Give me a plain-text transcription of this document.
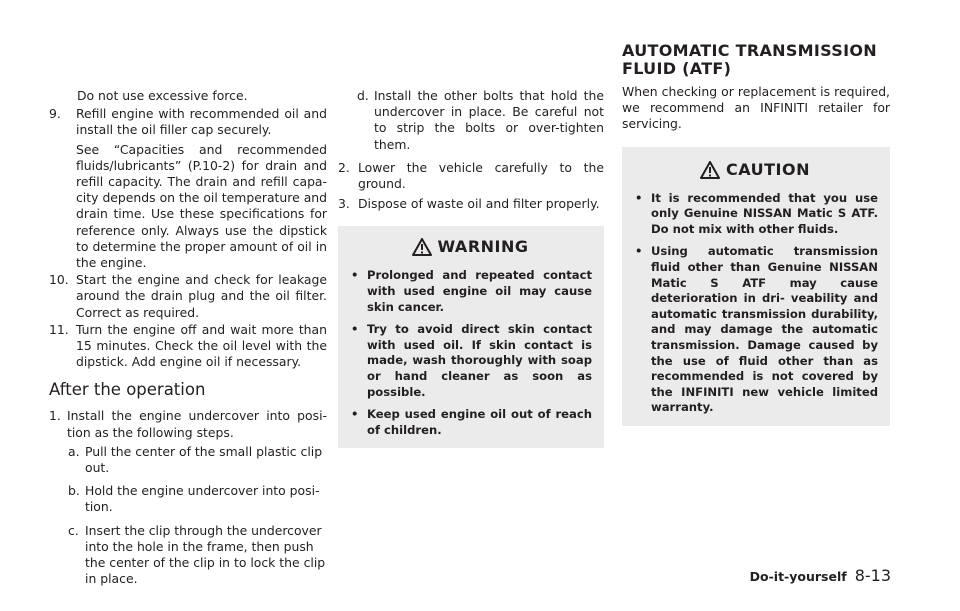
Do not use excessive force.

9. Refill engine with recommended oil and install the oil filler cap securely.

See “Capacities and recommended fluids/lubricants” (P.10-2) for drain and refill capacity. The drain and refill capa- city depends on the oil temperature and drain time. Use these specifications for reference only. Always use the dipstick to determine the proper amount of oil in the engine.

10. Start the engine and check for leakage around the drain plug and the oil filter. Correct as required.
11. Turn the engine off and wait more than 15 minutes. Check the oil level with the dipstick. Add engine oil if necessary.
After the operation
1. Install the engine undercover into posi- tion as the following steps.
a. Pull the center of the small plastic clip out.
b. Hold the engine undercover into posi- tion.
c. Insert the clip through the undercover into the hole in the frame, then push the center of the clip in to lock the clip in place.
d. Install the other bolts that hold the undercover in place. Be careful not to strip the bolts or over-tighten them.
2. Lower the vehicle carefully to the ground.
3. Dispose of waste oil and filter properly.
WARNING
• Prolonged and repeated contact with used engine oil may cause skin cancer.
• Try to avoid direct skin contact with used oil. If skin contact is made, wash thoroughly with soap or hand cleaner as soon as possible.
• Keep used engine oil out of reach of children.
AUTOMATIC TRANSMISSION FLUID (ATF)

When checking or replacement is required, we recommend an INFINITI retailer for servicing.

CAUTION
• It is recommended that you use only Genuine NISSAN Matic S ATF. Do not mix with other fluids.
• Using automatic transmission fluid other than Genuine NISSAN Matic S ATF may cause deterioration in dri- veability and automatic transmission durability, and may damage the automatic transmission. Damage caused by the use of fluid other than as recommended is not covered by the INFINITI new vehicle limited warranty.
Do-it-yourself 8-13
